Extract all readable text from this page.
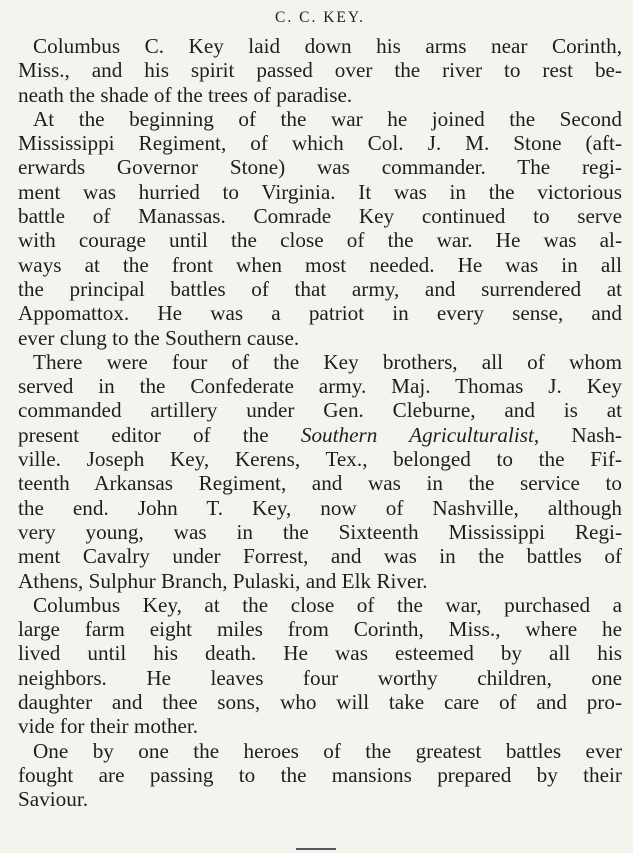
C. C. KEY.

Columbus C. Key laid down his arms near Corinth,
Miss., and his spirit passed over the river to rest be-
neath the shade of the trees of paradise.

At the beginning of the war he joined the Second
Mississippi Regiment, of which Col. J. M. Stone (aft-
erwards Governor Stone) was commander. The regi-
ment was hurried to Virginia. It was in the victorious
battle of Manassas. Comrade Key continued to serve
with courage until the close of the war. He was al-
ways at the front when most needed. He was in all
the principal battles of that army, and surrendered at
Appomattox. He was a patriot in every sense, and
ever clung to the Southern cause.

There were four of the Key brothers, all of whom
served in the Confederate army. Maj. Thomas J. Key
commanded artillery under Gen. Cleburne, and is at
present editor of the Southern Agriculturalist, Nash-
ville. Joseph Key, Kerens, Tex., belonged to the Fif-
teenth Arkansas Regiment, and was in the service to
the end. John T. Key, now of Nashville, although
very young, was in the Sixteenth Mississippi Regi-
ment Cavalry under Forrest, and was in the battles of
Athens, Sulphur Branch, Pulaski, and Elk River.

Columbus Key, at the close of the war, purchased a
large farm eight miles from Corinth, Miss., where he
lived until his death. He was esteemed by all his
neighbors. He leaves four worthy children, one
daughter and thee sons, who will take care of and pro-
vide for their mother.

One by one the heroes of the greatest battles ever
fought are passing to the mansions prepared by their
Saviour.
